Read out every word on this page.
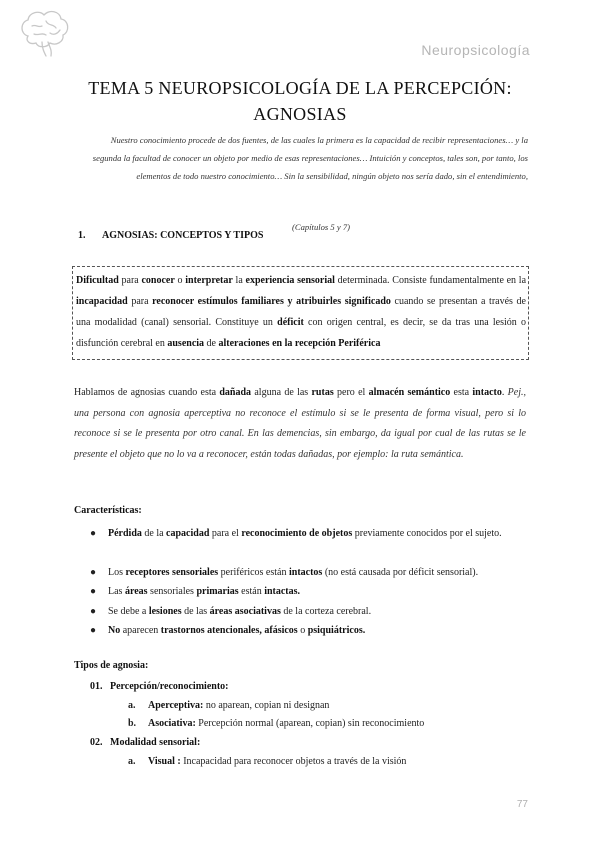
Neuropsicología
TEMA 5 NEUROPSICOLOGÍA DE LA PERCEPCIÓN:
AGNOSIAS
Nuestro conocimiento procede de dos fuentes, de las cuales la primera es la capacidad de recibir representaciones… y la segunda la facultad de conocer un objeto por medio de esas representaciones… Intuición y conceptos, tales son, por tanto, los elementos de todo nuestro conocimiento… Sin la sensibilidad, ningún objeto nos sería dado, sin el entendimiento,
(Capítulos 5 y 7)
1. AGNOSIAS: CONCEPTOS Y TIPOS
Dificultad para conocer o interpretar la experiencia sensorial determinada. Consiste fundamentalmente en la incapacidad para reconocer estímulos familiares y atribuirles significado cuando se presentan a través de una modalidad (canal) sensorial. Constituye un déficit con origen central, es decir, se da tras una lesión o disfunción cerebral en ausencia de alteraciones en la recepción Periférica
Hablamos de agnosias cuando esta dañada alguna de las rutas pero el almacén semántico esta intacto. Pej., una persona con agnosia aperceptiva no reconoce el estímulo si se le presenta de forma visual, pero si lo reconoce si se le presenta por otro canal. En las demencias, sin embargo, da igual por cual de las rutas se le presente el objeto que no lo va a reconocer, están todas dañadas, por ejemplo: la ruta semántica.
Características:
● Pérdida de la capacidad para el reconocimiento de objetos previamente conocidos por el sujeto.
● Los receptores sensoriales periféricos están intactos (no está causada por déficit sensorial).
● Las áreas sensoriales primarias están intactas.
● Se debe a lesiones de las áreas asociativas de la corteza cerebral.
● No aparecen trastornos atencionales, afásicos o psiquiátricos.
Tipos de agnosia:
01. Percepción/reconocimiento:
a. Aperceptiva: no aparean, copian ni designan
b. Asociativa: Percepción normal (aparean, copian) sin reconocimiento
02. Modalidad sensorial:
a. Visual : Incapacidad para reconocer objetos a través de la visión
77
